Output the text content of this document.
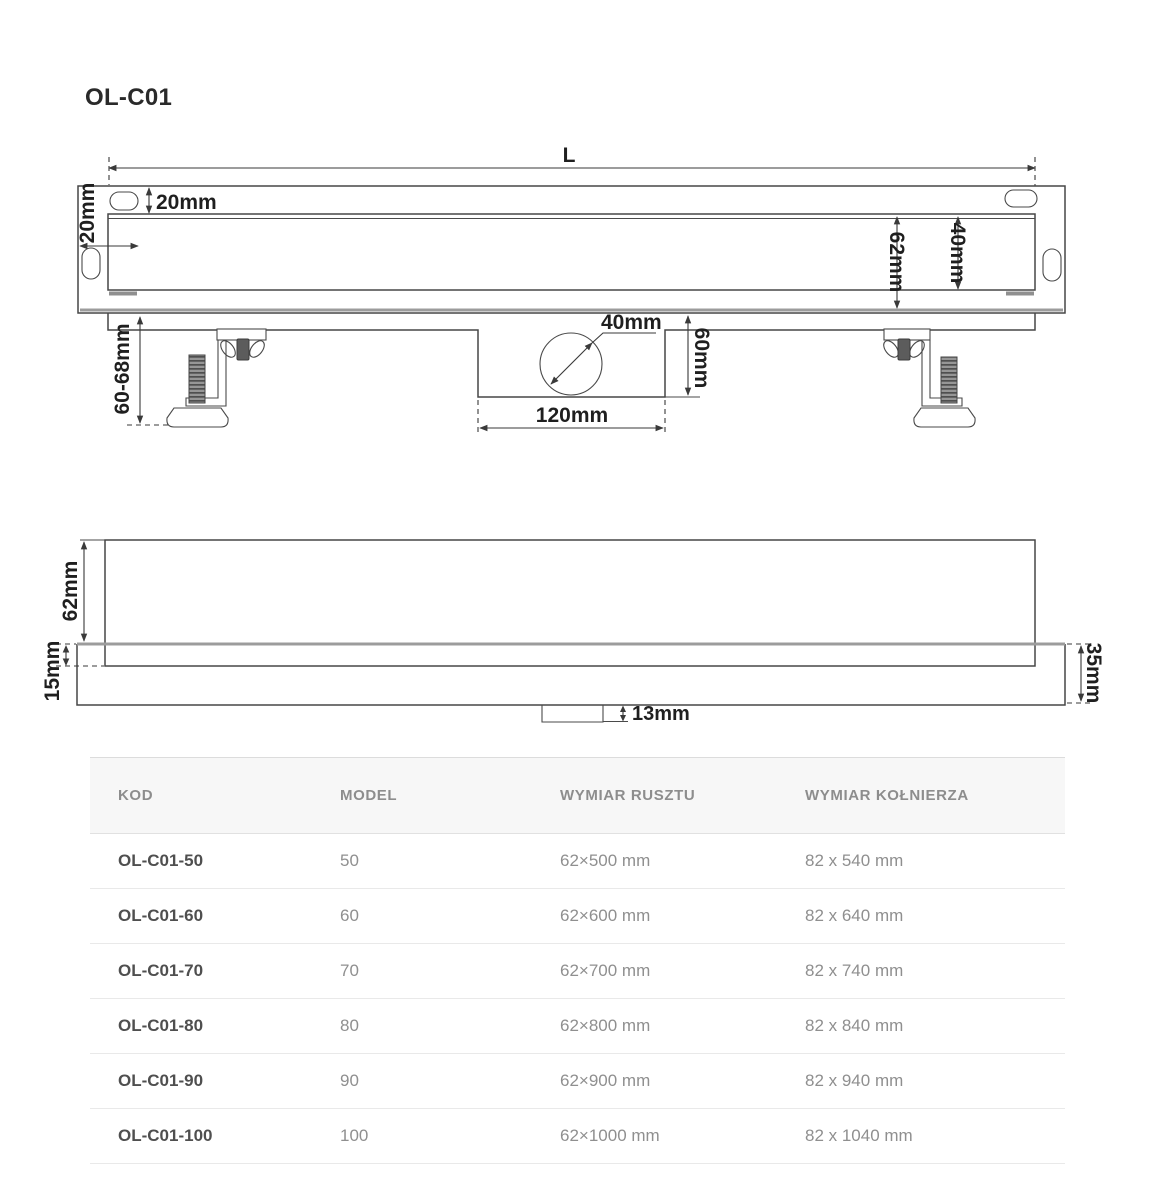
OL-C01
L
20mm
20mm
62mm 40mm
40mm
60mm
120mm
60-68mm
62mm
15mm	35mm
13mm
KOD	MODEL	WYMIAR RUSZTU	WYMIAR KOŁNIERZA
OL-C01-50	50	62×500 mm	82 x 540 mm
OL-C01-60	60	62×600 mm	82 x 640 mm
OL-C01-70	70	62×700 mm	82 x 740 mm
OL-C01-80	80	62×800 mm	82 x 840 mm
OL-C01-90	90	62×900 mm	82 x 940 mm
OL-C01-100	100	62×1000 mm	82 x 1040 mm
